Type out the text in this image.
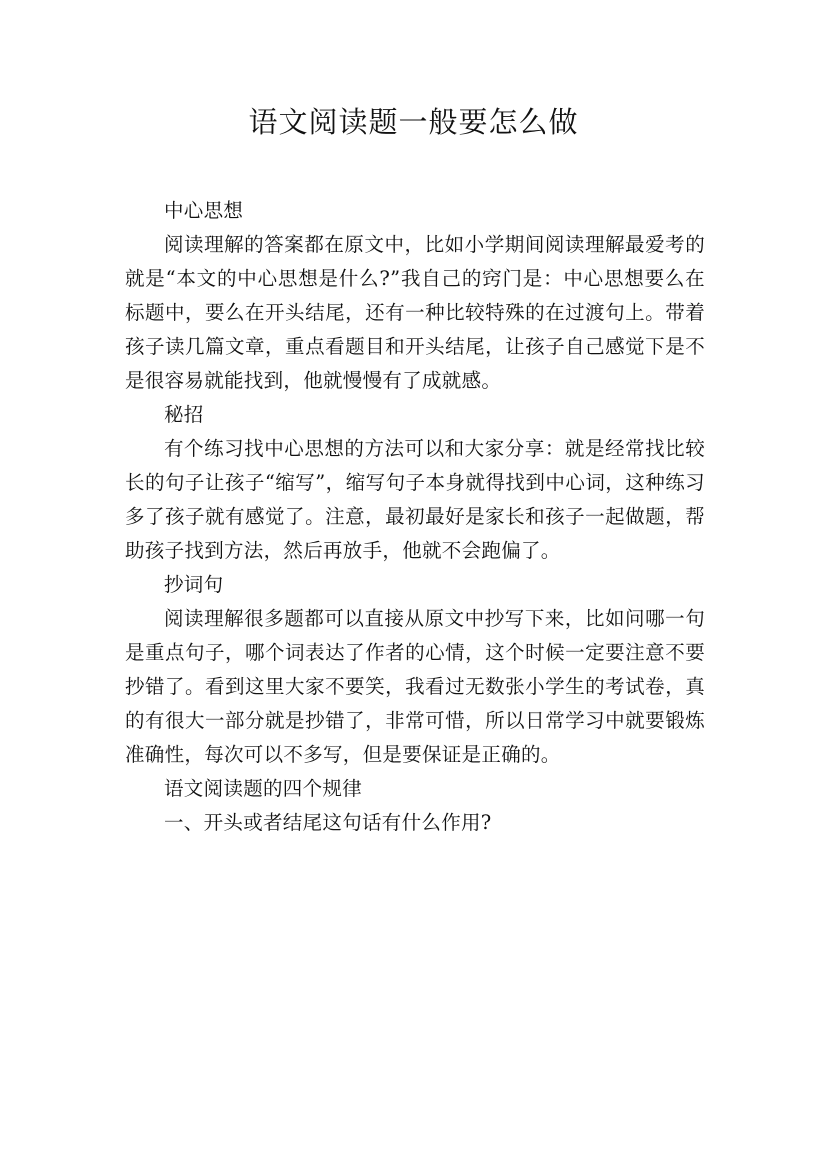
语文阅读题一般要怎么做

中心思想

阅读理解的答案都在原文中，比如小学期间阅读理解最爱考的就是“本文的中心思想是什么?”我自己的窍门是：中心思想要么在标题中，要么在开头结尾，还有一种比较特殊的在过渡句上。带着孩子读几篇文章，重点看题目和开头结尾，让孩子自己感觉下是不是很容易就能找到，他就慢慢有了成就感。

秘招

有个练习找中心思想的方法可以和大家分享：就是经常找比较长的句子让孩子“缩写”，缩写句子本身就得找到中心词，这种练习多了孩子就有感觉了。注意，最初最好是家长和孩子一起做题，帮助孩子找到方法，然后再放手，他就不会跑偏了。

抄词句

阅读理解很多题都可以直接从原文中抄写下来，比如问哪一句是重点句子，哪个词表达了作者的心情，这个时候一定要注意不要抄错了。看到这里大家不要笑，我看过无数张小学生的考试卷，真的有很大一部分就是抄错了，非常可惜，所以日常学习中就要锻炼准确性，每次可以不多写，但是要保证是正确的。

语文阅读题的四个规律

一、开头或者结尾这句话有什么作用?
